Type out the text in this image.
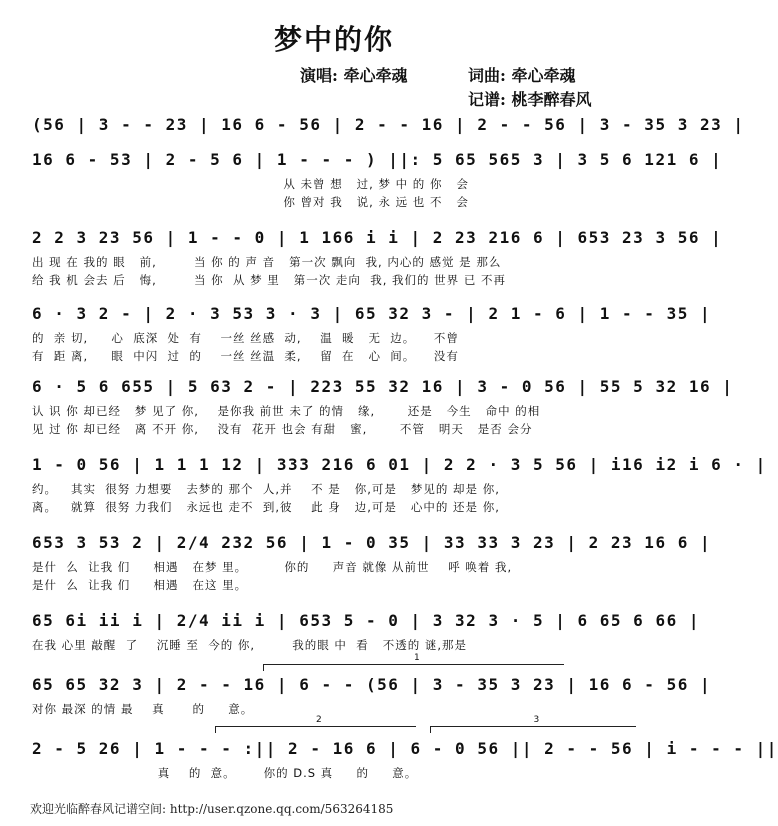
梦中的你
演唱: 牵心牵魂	词曲: 牵心牵魂
记谱: 桃李醉春风
(56 | 3 - - 23 | 16 6 - 56 | 2 - - 16 | 2 - - 56 | 3 - 35 3 23 |
16 6 - 53 | 2 - 5 6 | 1 - - - ) ||: 5 65 565 3 | 3 5 6 121 6 |
从 未曾 想   过, 梦 中 的 你   会
你 曾对 我   说, 永 远 也 不   会
2 2 3 23 56 | 1 - - 0 | 1 166 i i | 2 23 216 6 | 653 23 3 56 |
出 现 在 我的 眼   前,        当 你 的 声 音   第一次 飘向  我, 内心的 感觉 是 那么
给 我 机 会去 后   悔,        当 你  从 梦 里   第一次 走向  我, 我们的 世界 已 不再
6 · 3 2 - | 2 · 3 53 3 · 3 | 65 32 3 - | 2 1 - 6 | 1 - - 35 |
的  亲 切,     心  底深  处  有    一丝 丝感  动,    温  暖   无  边。    不曾
有  距 离,     眼  中闪  过  的    一丝 丝温  柔,    留  在   心  间。    没有
6 · 5 6 655 | 5 63 2 - | 223 55 32 16 | 3 - 0 56 | 55 5 32 16 |
认 识 你 却已经   梦 见了 你,    是你我 前世 未了 的情   缘,       还是   今生   命中 的相
见 过 你 却已经   离 不开 你,    没有  花开 也会 有甜   蜜,       不管   明天   是否 会分
1 - 0 56 | 1 1 1 12 | 333 216 6 01 | 2 2 · 3 5 56 | i16 i2 i 6 · |
约。   其实  很努 力想要   去梦的 那个  人,并    不 是   你,可是   梦见的 却是 你,
离。   就算  很努 力我们   永远也 走不  到,彼    此 身   边,可是   心中的 还是 你,
653 3 53 2 | 2/4 232 56 | 1 - 0 35 | 33 33 3 23 | 2 23 16 6 |
是什  么  让我 们     相遇   在梦 里。        你的     声音 就像 从前世    呼 唤着 我,
是什  么  让我 们     相遇   在这 里。
65 6i ii i | 2/4 ii i | 653 5 - 0 | 3 32 3 · 5 | 6 65 6 66 |
在我 心里 敲醒  了    沉睡 至  今的 你,        我的眼 中  看   不透的 谜,那是
65 65 32 3 | 2 - - 16 | 6 - - (56 | 3 - 35 3 23 | 16 6 - 56 |
对你 最深 的情 最    真      的     意。
2 - 5 26 | 1 - - - :|| 2 - 16 6 | 6 - 0 56 || 2 - - 56 | i - - - ||
真    的  意。      你的 D.S 真     的     意。
1
2	3
欢迎光临醉春风记谱空间: http://user.qzone.qq.com/563264185
